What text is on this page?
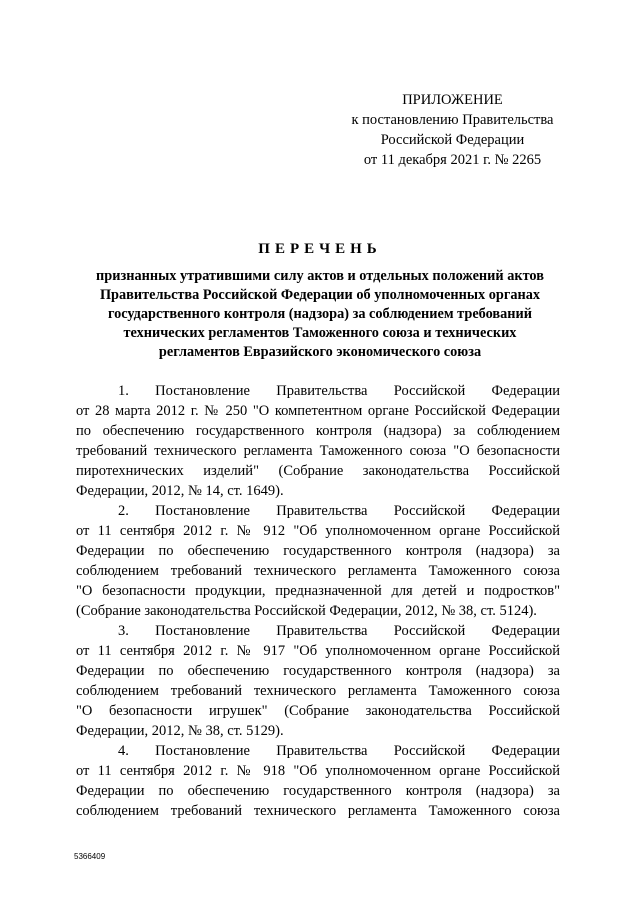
ПРИЛОЖЕНИЕ
к постановлению Правительства
Российской Федерации
от 11 декабря 2021 г. № 2265
ПЕРЕЧЕНЬ
признанных утратившими силу актов и отдельных положений актов
Правительства Российской Федерации об уполномоченных органах
государственного контроля (надзора) за соблюдением требований
технических регламентов Таможенного союза и технических
регламентов Евразийского экономического союза
1. Постановление Правительства Российской Федерации
от 28 марта 2012 г. № 250 "О компетентном органе Российской Федерации
по обеспечению государственного контроля (надзора) за соблюдением
требований технического регламента Таможенного союза "О безопасности
пиротехнических изделий" (Собрание законодательства Российской
Федерации, 2012, № 14, ст. 1649).
2. Постановление Правительства Российской Федерации
от 11 сентября 2012 г. № 912 "Об уполномоченном органе Российской
Федерации по обеспечению государственного контроля (надзора) за
соблюдением требований технического регламента Таможенного союза
"О безопасности продукции, предназначенной для детей и подростков"
(Собрание законодательства Российской Федерации, 2012, № 38, ст. 5124).
3. Постановление Правительства Российской Федерации
от 11 сентября 2012 г. № 917 "Об уполномоченном органе Российской
Федерации по обеспечению государственного контроля (надзора) за
соблюдением требований технического регламента Таможенного союза
"О безопасности игрушек" (Собрание законодательства Российской
Федерации, 2012, № 38, ст. 5129).
4. Постановление Правительства Российской Федерации
от 11 сентября 2012 г. № 918 "Об уполномоченном органе Российской
Федерации по обеспечению государственного контроля (надзора) за
соблюдением требований технического регламента Таможенного союза
5366409
